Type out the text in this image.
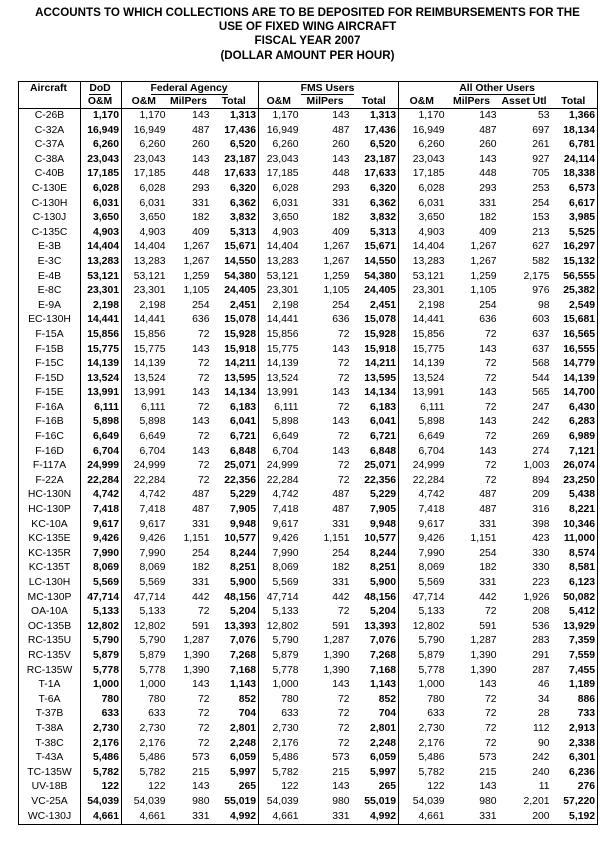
ACCOUNTS TO WHICH COLLECTIONS ARE TO BE DEPOSITED FOR REIMBURSEMENTS FOR THE
USE OF FIXED WING AIRCRAFT
FISCAL YEAR 2007
(DOLLAR AMOUNT PER HOUR)
Aircraft	DoD	Federal Agency			FMS Users			All Other Users			
	O&M	O&M	MilPers	Total	O&M	MilPers	Total	O&M	MilPers	Asset Utl	Total
C-26B	1,170	1,170	143	1,313	1,170	143	1,313	1,170	143	53	1,366
C-32A	16,949	16,949	487	17,436	16,949	487	17,436	16,949	487	697	18,134
C-37A	6,260	6,260	260	6,520	6,260	260	6,520	6,260	260	261	6,781
C-38A	23,043	23,043	143	23,187	23,043	143	23,187	23,043	143	927	24,114
C-40B	17,185	17,185	448	17,633	17,185	448	17,633	17,185	448	705	18,338
C-130E	6,028	6,028	293	6,320	6,028	293	6,320	6,028	293	253	6,573
C-130H	6,031	6,031	331	6,362	6,031	331	6,362	6,031	331	254	6,617
C-130J	3,650	3,650	182	3,832	3,650	182	3,832	3,650	182	153	3,985
C-135C	4,903	4,903	409	5,313	4,903	409	5,313	4,903	409	213	5,525
E-3B	14,404	14,404	1,267	15,671	14,404	1,267	15,671	14,404	1,267	627	16,297
E-3C	13,283	13,283	1,267	14,550	13,283	1,267	14,550	13,283	1,267	582	15,132
E-4B	53,121	53,121	1,259	54,380	53,121	1,259	54,380	53,121	1,259	2,175	56,555
E-8C	23,301	23,301	1,105	24,405	23,301	1,105	24,405	23,301	1,105	976	25,382
E-9A	2,198	2,198	254	2,451	2,198	254	2,451	2,198	254	98	2,549
EC-130H	14,441	14,441	636	15,078	14,441	636	15,078	14,441	636	603	15,681
F-15A	15,856	15,856	72	15,928	15,856	72	15,928	15,856	72	637	16,565
F-15B	15,775	15,775	143	15,918	15,775	143	15,918	15,775	143	637	16,555
F-15C	14,139	14,139	72	14,211	14,139	72	14,211	14,139	72	568	14,779
F-15D	13,524	13,524	72	13,595	13,524	72	13,595	13,524	72	544	14,139
F-15E	13,991	13,991	143	14,134	13,991	143	14,134	13,991	143	565	14,700
F-16A	6,111	6,111	72	6,183	6,111	72	6,183	6,111	72	247	6,430
F-16B	5,898	5,898	143	6,041	5,898	143	6,041	5,898	143	242	6,283
F-16C	6,649	6,649	72	6,721	6,649	72	6,721	6,649	72	269	6,989
F-16D	6,704	6,704	143	6,848	6,704	143	6,848	6,704	143	274	7,121
F-117A	24,999	24,999	72	25,071	24,999	72	25,071	24,999	72	1,003	26,074
F-22A	22,284	22,284	72	22,356	22,284	72	22,356	22,284	72	894	23,250
HC-130N	4,742	4,742	487	5,229	4,742	487	5,229	4,742	487	209	5,438
HC-130P	7,418	7,418	487	7,905	7,418	487	7,905	7,418	487	316	8,221
KC-10A	9,617	9,617	331	9,948	9,617	331	9,948	9,617	331	398	10,346
KC-135E	9,426	9,426	1,151	10,577	9,426	1,151	10,577	9,426	1,151	423	11,000
KC-135R	7,990	7,990	254	8,244	7,990	254	8,244	7,990	254	330	8,574
KC-135T	8,069	8,069	182	8,251	8,069	182	8,251	8,069	182	330	8,581
LC-130H	5,569	5,569	331	5,900	5,569	331	5,900	5,569	331	223	6,123
MC-130P	47,714	47,714	442	48,156	47,714	442	48,156	47,714	442	1,926	50,082
OA-10A	5,133	5,133	72	5,204	5,133	72	5,204	5,133	72	208	5,412
OC-135B	12,802	12,802	591	13,393	12,802	591	13,393	12,802	591	536	13,929
RC-135U	5,790	5,790	1,287	7,076	5,790	1,287	7,076	5,790	1,287	283	7,359
RC-135V	5,879	5,879	1,390	7,268	5,879	1,390	7,268	5,879	1,390	291	7,559
RC-135W	5,778	5,778	1,390	7,168	5,778	1,390	7,168	5,778	1,390	287	7,455
T-1A	1,000	1,000	143	1,143	1,000	143	1,143	1,000	143	46	1,189
T-6A	780	780	72	852	780	72	852	780	72	34	886
T-37B	633	633	72	704	633	72	704	633	72	28	733
T-38A	2,730	2,730	72	2,801	2,730	72	2,801	2,730	72	112	2,913
T-38C	2,176	2,176	72	2,248	2,176	72	2,248	2,176	72	90	2,338
T-43A	5,486	5,486	573	6,059	5,486	573	6,059	5,486	573	242	6,301
TC-135W	5,782	5,782	215	5,997	5,782	215	5,997	5,782	215	240	6,236
UV-18B	122	122	143	265	122	143	265	122	143	11	276
VC-25A	54,039	54,039	980	55,019	54,039	980	55,019	54,039	980	2,201	57,220
WC-130J	4,661	4,661	331	4,992	4,661	331	4,992	4,661	331	200	5,192
